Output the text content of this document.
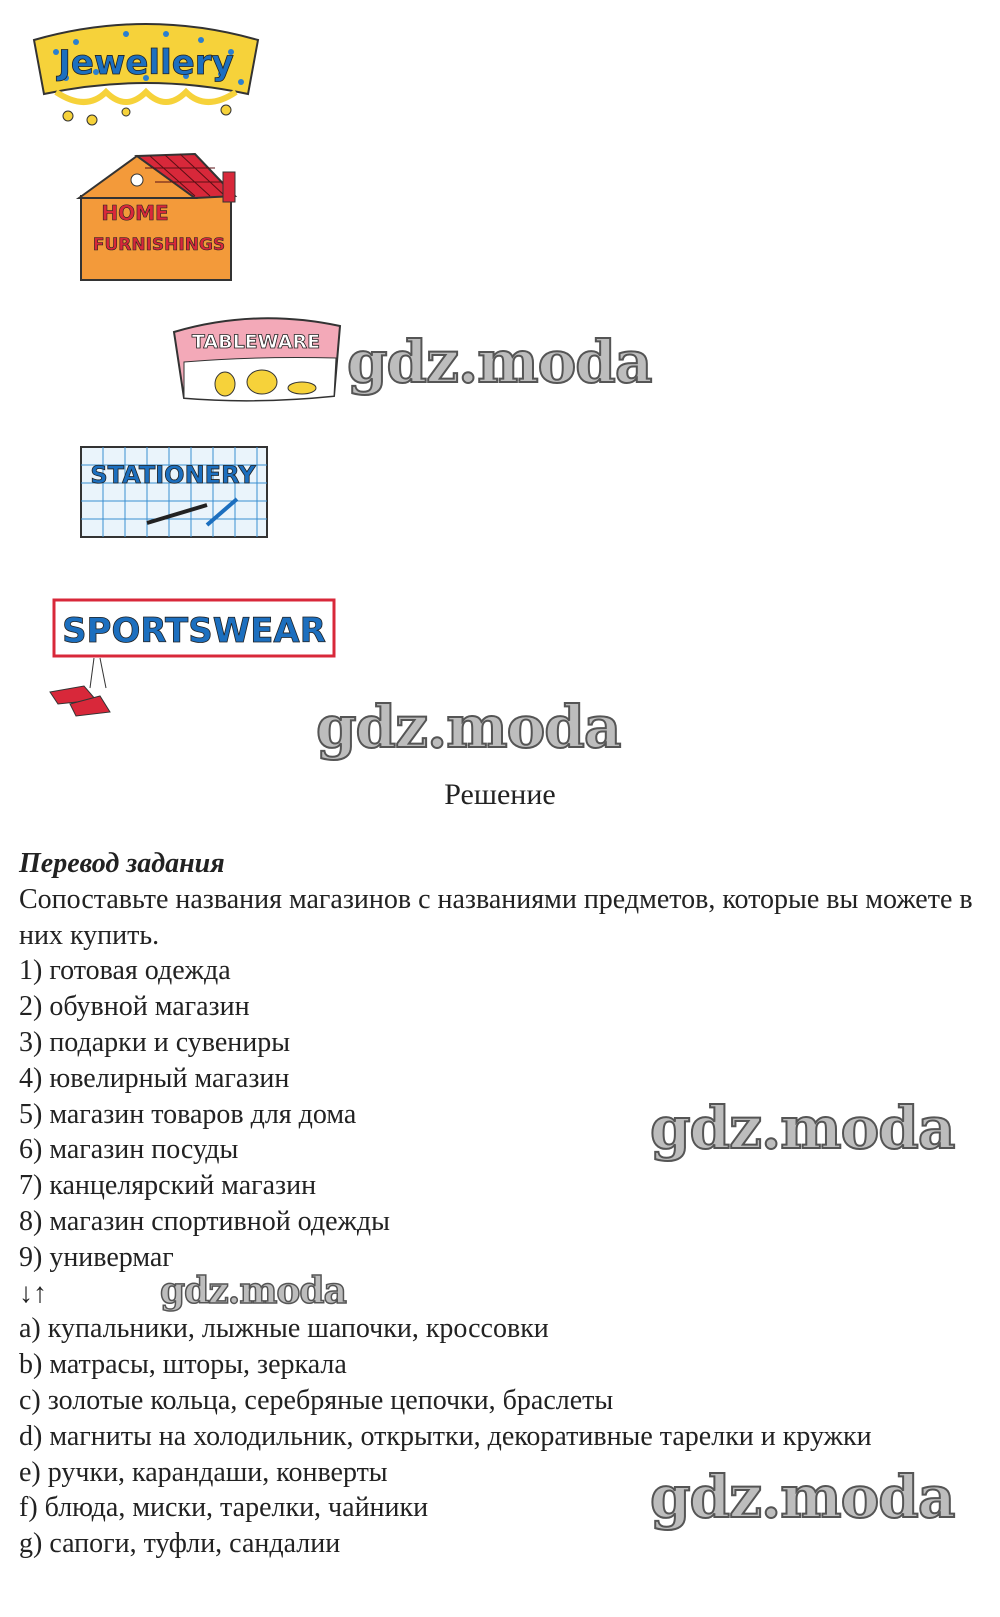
Jewellery
HOME
FURNISHINGS
TABLEWARE
STATIONERY
SPORTSWEAR
gdz.moda
gdz.moda
gdz.moda
gdz.moda
gdz.moda
Решение
Перевод задания
Сопоставьте названия магазинов с названиями предметов, которые вы можете в них купить.
1) готовая одежда
2) обувной магазин
3) подарки и сувениры
4) ювелирный магазин
5) магазин товаров для дома
6) магазин посуды
7) канцелярский магазин
8) магазин спортивной одежды
9) универмаг
↓↑
a) купальники, лыжные шапочки, кроссовки
b) матрасы, шторы, зеркала
c) золотые кольца, серебряные цепочки, браслеты
d) магниты на холодильник, открытки, декоративные тарелки и кружки
e) ручки, карандаши, конверты
f) блюда, миски, тарелки, чайники
g) сапоги, туфли, сандалии
